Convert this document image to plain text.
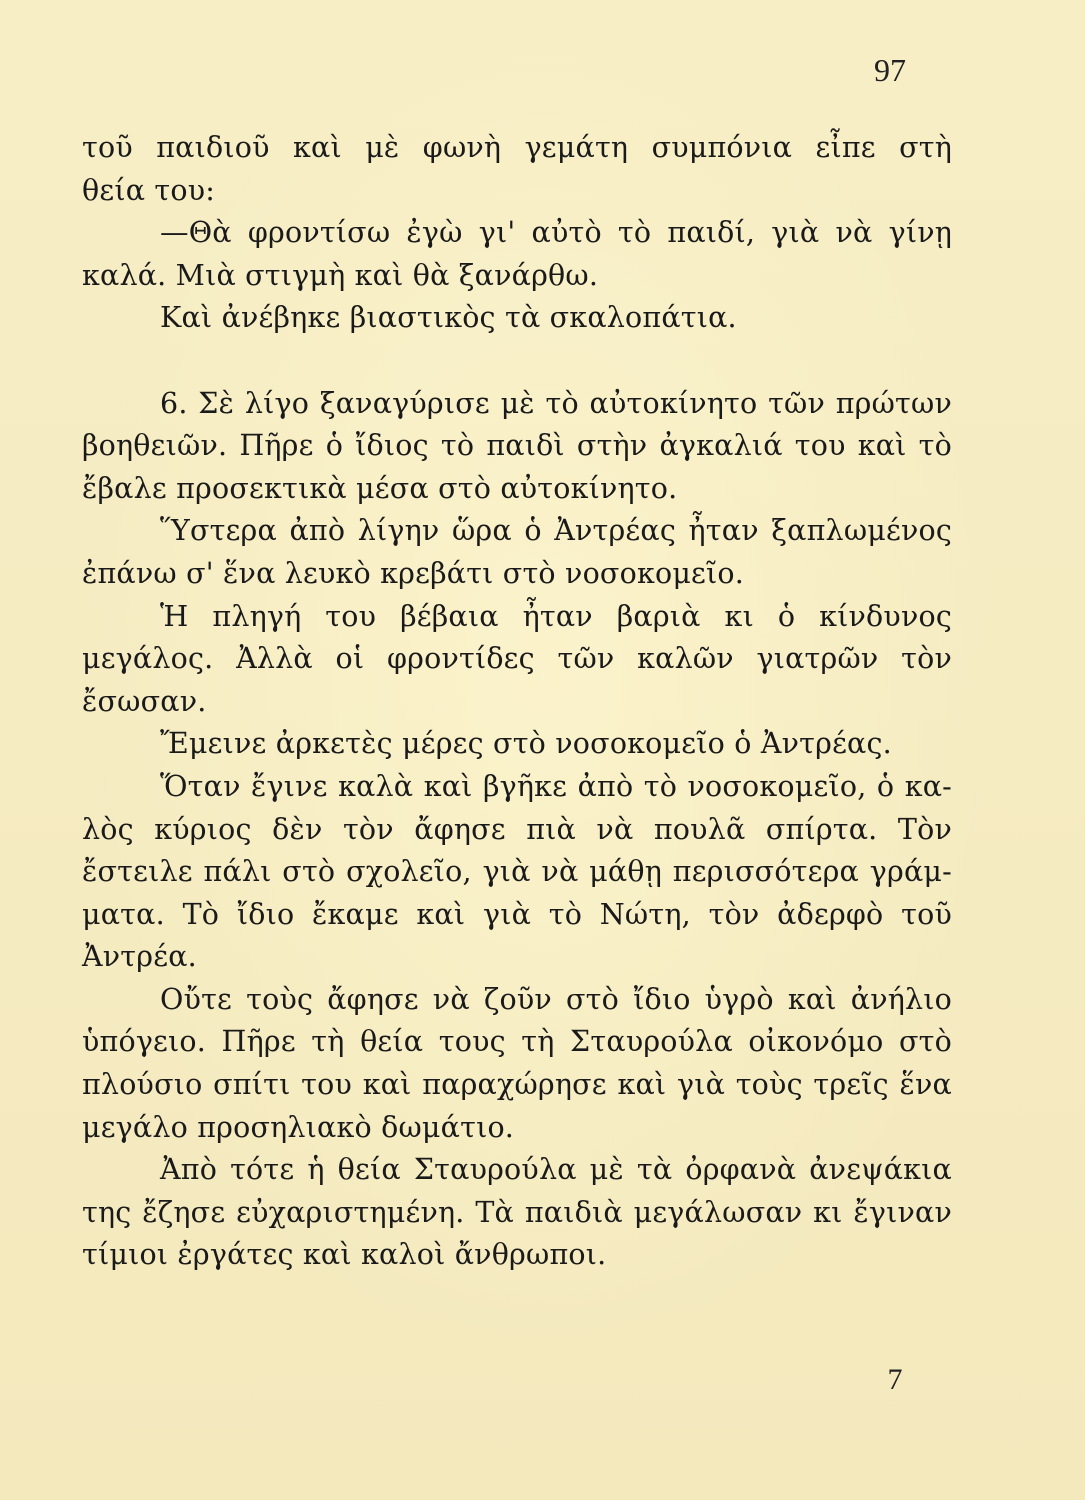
97
τοῦ παιδιοῦ καὶ μὲ φωνὴ γεμάτη συμπόνια εἶπε στὴ
θεία του:
—Θὰ φροντίσω ἐγὼ γι' αὐτὸ τὸ παιδί, γιὰ νὰ γίνῃ
καλά. Μιὰ στιγμὴ καὶ θὰ ξανάρθω.
Καὶ ἀνέβηκε βιαστικὸς τὰ σκαλοπάτια.
6. Σὲ λίγο ξαναγύρισε μὲ τὸ αὐτοκίνητο τῶν πρώτων
βοηθειῶν. Πῆρε ὁ ἴδιος τὸ παιδὶ στὴν ἀγκαλιά του καὶ τὸ
ἔβαλε προσεκτικὰ μέσα στὸ αὐτοκίνητο.
Ὕστερα ἀπὸ λίγην ὥρα ὁ Ἀντρέας ἦταν ξαπλωμένος
ἐπάνω σ' ἕνα λευκὸ κρεβάτι στὸ νοσοκομεῖο.
Ἡ πληγή του βέβαια ἦταν βαριὰ κι ὁ κίνδυνος
μεγάλος. Ἀλλὰ οἱ φροντίδες τῶν καλῶν γιατρῶν τὸν
ἔσωσαν.
Ἔμεινε ἀρκετὲς μέρες στὸ νοσοκομεῖο ὁ Ἀντρέας.
Ὅταν ἔγινε καλὰ καὶ βγῆκε ἀπὸ τὸ νοσοκομεῖο, ὁ κα-
λὸς κύριος δὲν τὸν ἄφησε πιὰ νὰ πουλᾶ σπίρτα. Τὸν
ἔστειλε πάλι στὸ σχολεῖο, γιὰ νὰ μάθῃ περισσότερα γράμ-
ματα. Τὸ ἴδιο ἔκαμε καὶ γιὰ τὸ Νώτη, τὸν ἀδερφὸ τοῦ
Ἀντρέα.
Οὔτε τοὺς ἄφησε νὰ ζοῦν στὸ ἴδιο ὑγρὸ καὶ ἀνήλιο
ὑπόγειο. Πῆρε τὴ θεία τους τὴ Σταυρούλα οἰκονόμο στὸ
πλούσιο σπίτι του καὶ παραχώρησε καὶ γιὰ τοὺς τρεῖς ἕνα
μεγάλο προσηλιακὸ δωμάτιο.
Ἀπὸ τότε ἡ θεία Σταυρούλα μὲ τὰ ὀρφανὰ ἀνεψάκια
της ἔζησε εὐχαριστημένη. Τὰ παιδιὰ μεγάλωσαν κι ἔγιναν
τίμιοι ἐργάτες καὶ καλοὶ ἄνθρωποι.
7
